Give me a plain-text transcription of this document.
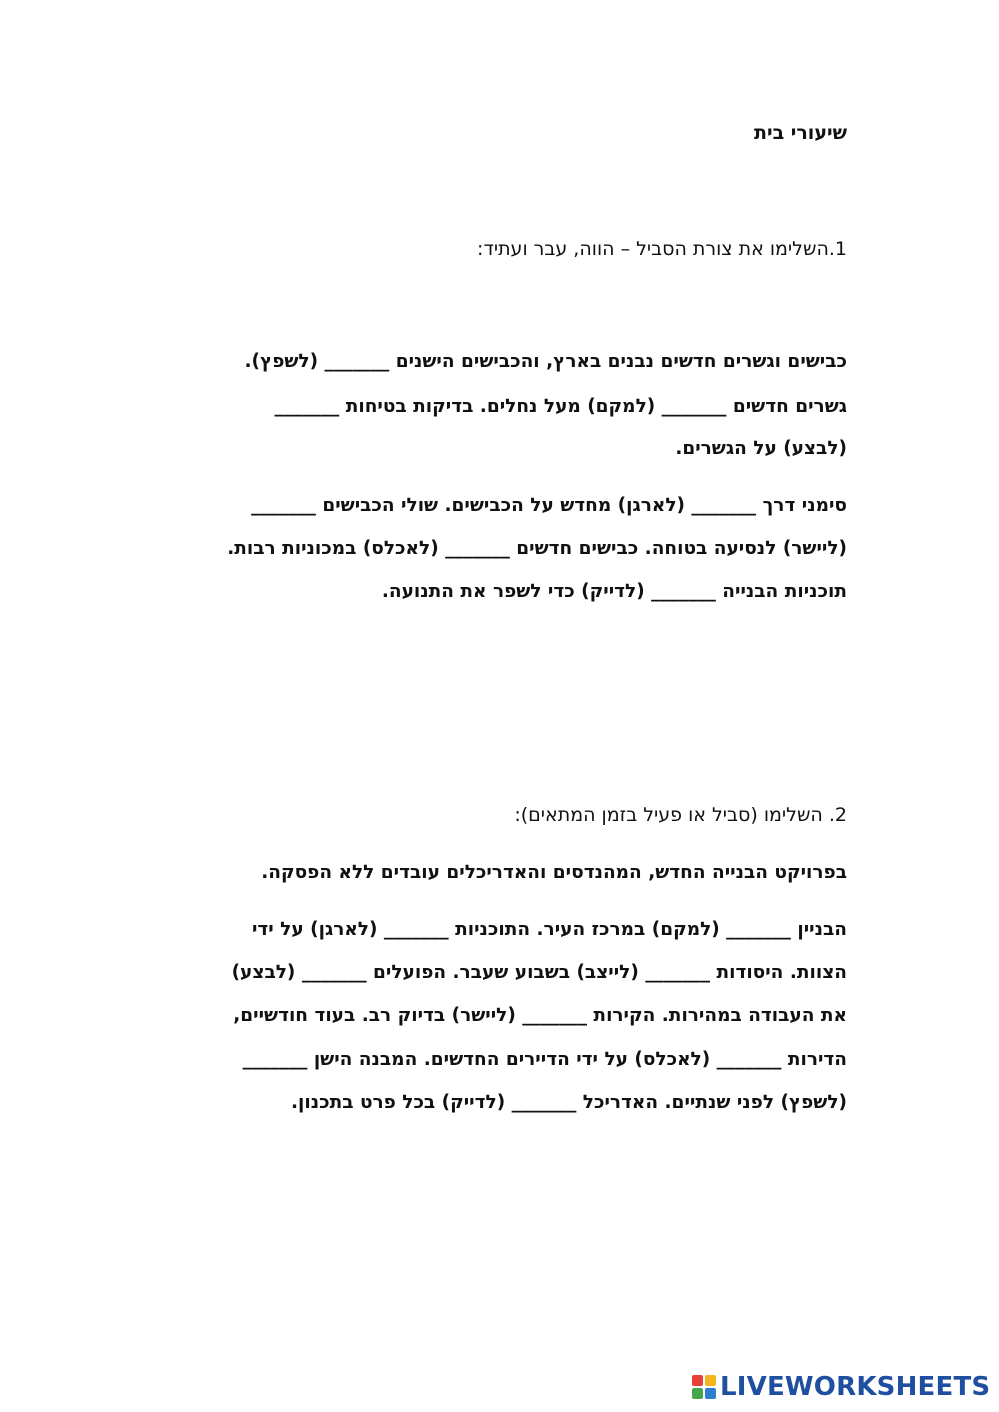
שיעורי בית

1.השלימו את צורת הסביל – הווה, עבר ועתיד:

כבישים וגשרים חדשים נבנים בארץ, והכבישים הישנים _______ (לשפץ).

גשרים חדשים _______ (למקם) מעל נחלים. בדיקות בטיחות _______

(לבצע) על הגשרים.

סימני דרך _______ (לארגן) מחדש על הכבישים. שולי הכבישים _______

(ליישר) לנסיעה בטוחה. כבישים חדשים _______ (לאכלס) במכוניות רבות.

תוכניות הבנייה _______ (לדייק) כדי לשפר את התנועה.

2. השלימו (סביל או פעיל בזמן המתאים):

בפרויקט הבנייה החדש, המהנדסים והאדריכלים עובדים ללא הפסקה.

הבניין _______ (למקם) במרכז העיר. התוכניות _______ (לארגן) על ידי

הצוות. היסודות _______ (לייצב) בשבוע שעבר. הפועלים _______ (לבצע)

את העבודה במהירות. הקירות _______ (ליישר) בדיוק רב. בעוד חודשיים,

הדירות _______ (לאכלס) על ידי הדיירים החדשים. המבנה הישן _______

(לשפץ) לפני שנתיים. האדריכל _______ (לדייק) בכל פרט בתכנון.

LIVEWORKSHEETS
